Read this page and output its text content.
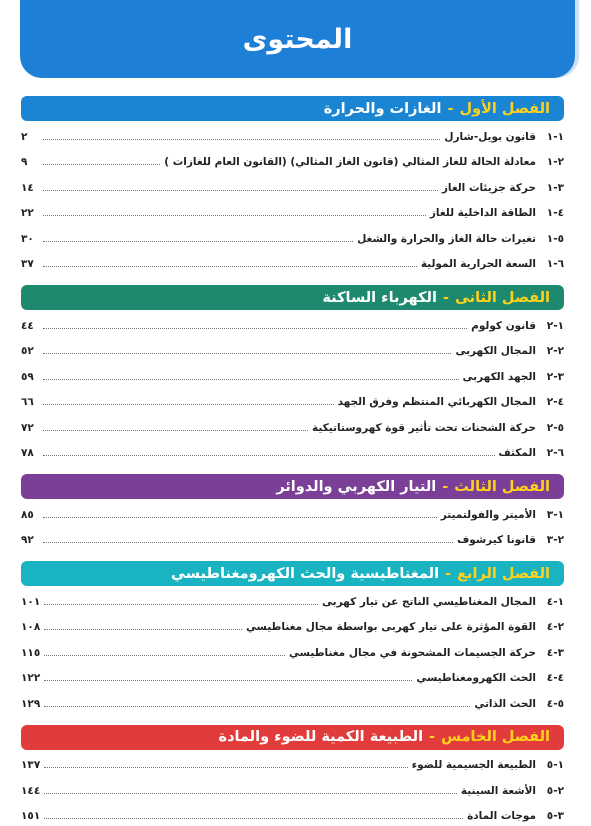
المحتوى
الفصل الأول
-
الغازات والحرارة
١-١
قانون بويل-شارل
٢
٢-١
معادلة الحالة للغاز المثالي (قانون الغاز المثالي) (القانون العام للغازات )
٩
٣-١
حركة جزيئات الغاز
١٤
٤-١
الطاقة الداخلية للغاز
٢٢
٥-١
تغيرات حالة الغاز والحرارة والشغل
٣٠
٦-١
السعة الحرارية المولية
٣٧
الفصل الثانى
-
الكهرباء الساكنة
١-٢
قانون كولوم
٤٤
٢-٢
المجال الكهربى
٥٢
٣-٢
الجهد الكهربى
٥٩
٤-٢
المجال الكهربائي المنتظم وفرق الجهد
٦٦
٥-٢
حركة الشحنات تحت تأثير قوة كهروستاتيكية
٧٢
٦-٢
المكثف
٧٨
الفصل الثالث
-
التيار الكهربي والدوائر
١-٣
الأميتر والفولتميتر
٨٥
٢-٣
قانونا كيرشوف
٩٢
الفصل الرابع
-
المغناطيسية والحث الكهرومغناطيسي
١-٤
المجال المغناطيسي الناتج عن تيار كهربى
١٠١
٢-٤
القوة المؤثرة على تيار كهربى بواسطة مجال مغناطيسي
١٠٨
٣-٤
حركة الجسيمات المشحونة في مجال مغناطيسي
١١٥
٤-٤
الحث الكهرومغناطيسي
١٢٢
٥-٤
الحث الذاتي
١٢٩
الفصل الخامس
-
الطبيعة الكمية للضوء والمادة
١-٥
الطبيعة الجسيمية للضوء
١٣٧
٢-٥
الأشعة السينية
١٤٤
٣-٥
موجات المادة
١٥١
